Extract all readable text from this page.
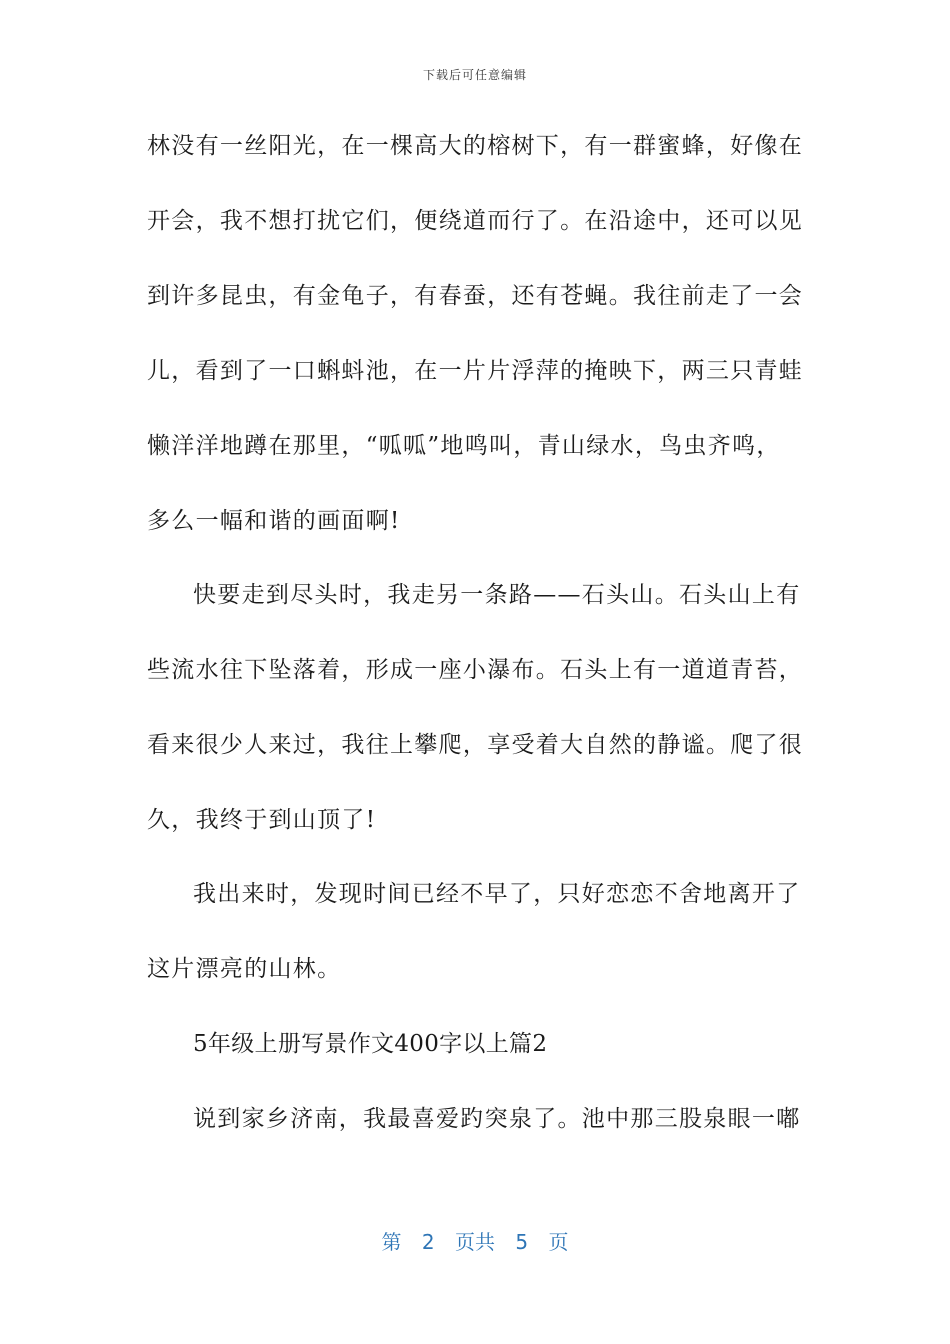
下载后可任意编辑
林没有一丝阳光，在一棵高大的榕树下，有一群蜜蜂，好像在
开会，我不想打扰它们，便绕道而行了。在沿途中，还可以见
到许多昆虫，有金龟子，有春蚕，还有苍蝇。我往前走了一会
儿，看到了一口蝌蚪池，在一片片浮萍的掩映下，两三只青蛙
懒洋洋地蹲在那里，“呱呱”地鸣叫，青山绿水，鸟虫齐鸣，
多么一幅和谐的画面啊!
快要走到尽头时，我走另一条路——石头山。石头山上有
些流水往下坠落着，形成一座小瀑布。石头上有一道道青苔，
看来很少人来过，我往上攀爬，享受着大自然的静谧。爬了很
久，我终于到山顶了!
我出来时，发现时间已经不早了，只好恋恋不舍地离开了
这片漂亮的山林。
5年级上册写景作文400字以上篇2
说到家乡济南，我最喜爱趵突泉了。池中那三股泉眼一嘟
第 2 页共 5 页
